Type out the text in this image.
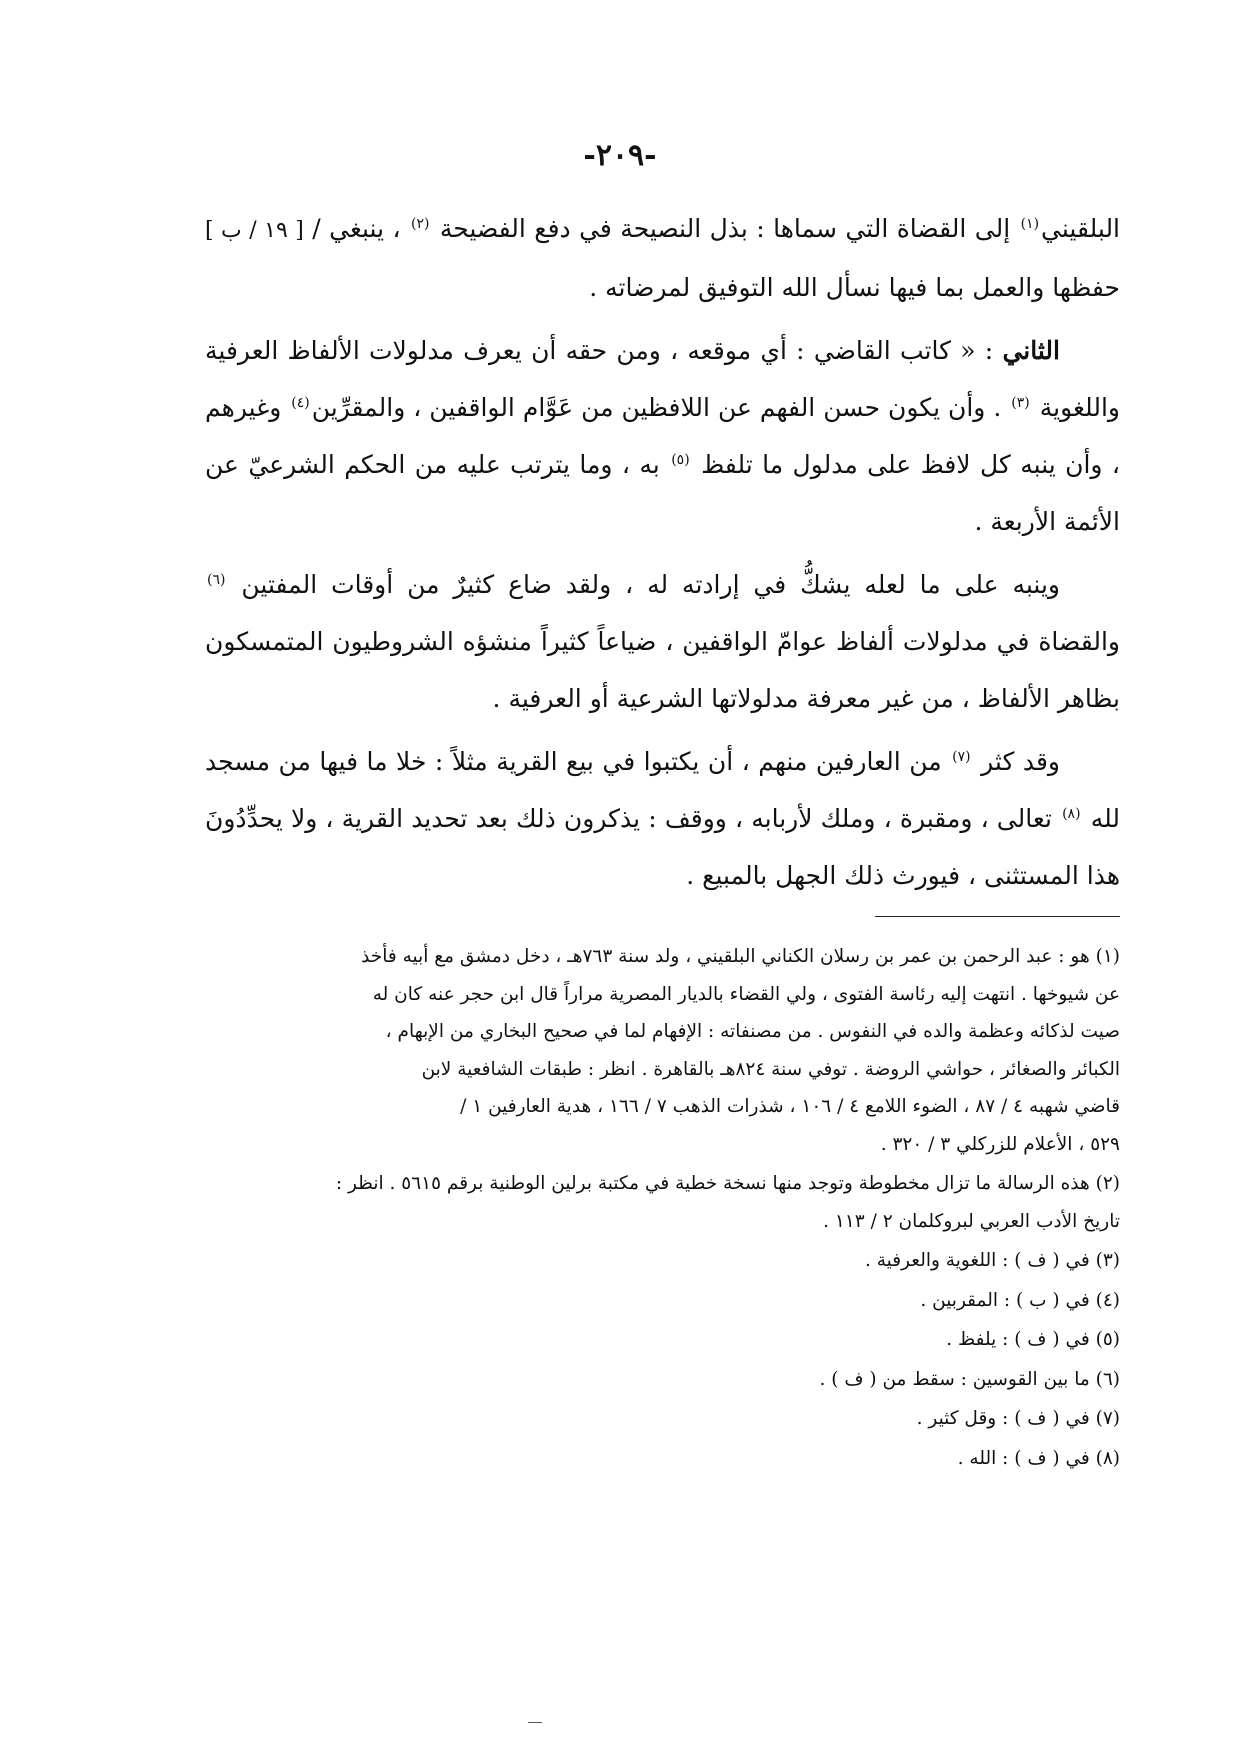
-٢٠٩-

البلقيني$^{(١)}$ إلى القضاة التي سماها : بذل النصيحة في دفع الفضيحة $^{(٢)}$ ، ينبغي / [ ١٩ / ب ] حفظها والعمل بما فيها نسأل الله التوفيق لمرضاته .

الثاني : « كاتب القاضي : أي موقعه ، ومن حقه أن يعرف مدلولات الألفاظ العرفية واللغوية $^{(٣)}$ . وأن يكون حسن الفهم عن اللافظين من عَوَّام الواقفين ، والمقرِّين$^{(٤)}$ وغيرهم ، وأن ينبه كل لافظ على مدلول ما تلفظ $^{(٥)}$ به ، وما يترتب عليه من الحكم الشرعيّ عن الأئمة الأربعة .

وينبه على ما لعله يشكُّ في إرادته له ، ولقد ضاع كثيرٌ من أوقات المفتين $^{(٦)}$ والقضاة في مدلولات ألفاظ عوامّ الواقفين ، ضياعاً كثيراً منشؤه الشروطيون المتمسكون بظاهر الألفاظ ، من غير معرفة مدلولاتها الشرعية أو العرفية .

وقد كثر $^{(٧)}$ من العارفين منهم ، أن يكتبوا في بيع القرية مثلاً : خلا ما فيها من مسجد لله $^{(٨)}$ تعالى ، ومقبرة ، وملك لأربابه ، ووقف : يذكرون ذلك بعد تحديد القرية ، ولا يحدِّدُونَ هذا المستثنى ، فيورث ذلك الجهل بالمبيع .

(١) هو : عبد الرحمن بن عمر بن رسلان الكناني البلقيني ، ولد سنة ٧٦٣هـ ، دخل دمشق مع أبيه فأخذ

عن شيوخها . انتهت إليه رئاسة الفتوى ، ولي القضاء بالديار المصرية مراراً قال ابن حجر عنه كان له

صيت لذكائه وعظمة والده في النفوس . من مصنفاته : الإفهام لما في صحيح البخاري من الإبهام ،

الكبائر والصغائر ، حواشي الروضة . توفي سنة ٨٢٤هـ بالقاهرة . انظر : طبقات الشافعية لابن

قاضي شهبه ٤ / ٨٧ ، الضوء اللامع ٤ / ١٠٦ ، شذرات الذهب ٧ / ١٦٦ ، هدية العارفين ١ /

٥٢٩ ، الأعلام للزركلي ٣ / ٣٢٠ .

(٢) هذه الرسالة ما تزال مخطوطة وتوجد منها نسخة خطية في مكتبة برلين الوطنية برقم ٥٦١٥ . انظر :

تاريخ الأدب العربي لبروكلمان ٢ / ١١٣ .

(٣) في ( ف ) : اللغوية والعرفية .
(٤) في ( ب ) : المقربين .
(٥) في ( ف ) : يلفظ .
(٦) ما بين القوسين : سقط من ( ف ) .
(٧) في ( ف ) : وقل كثير .
(٨) في ( ف ) : الله .
